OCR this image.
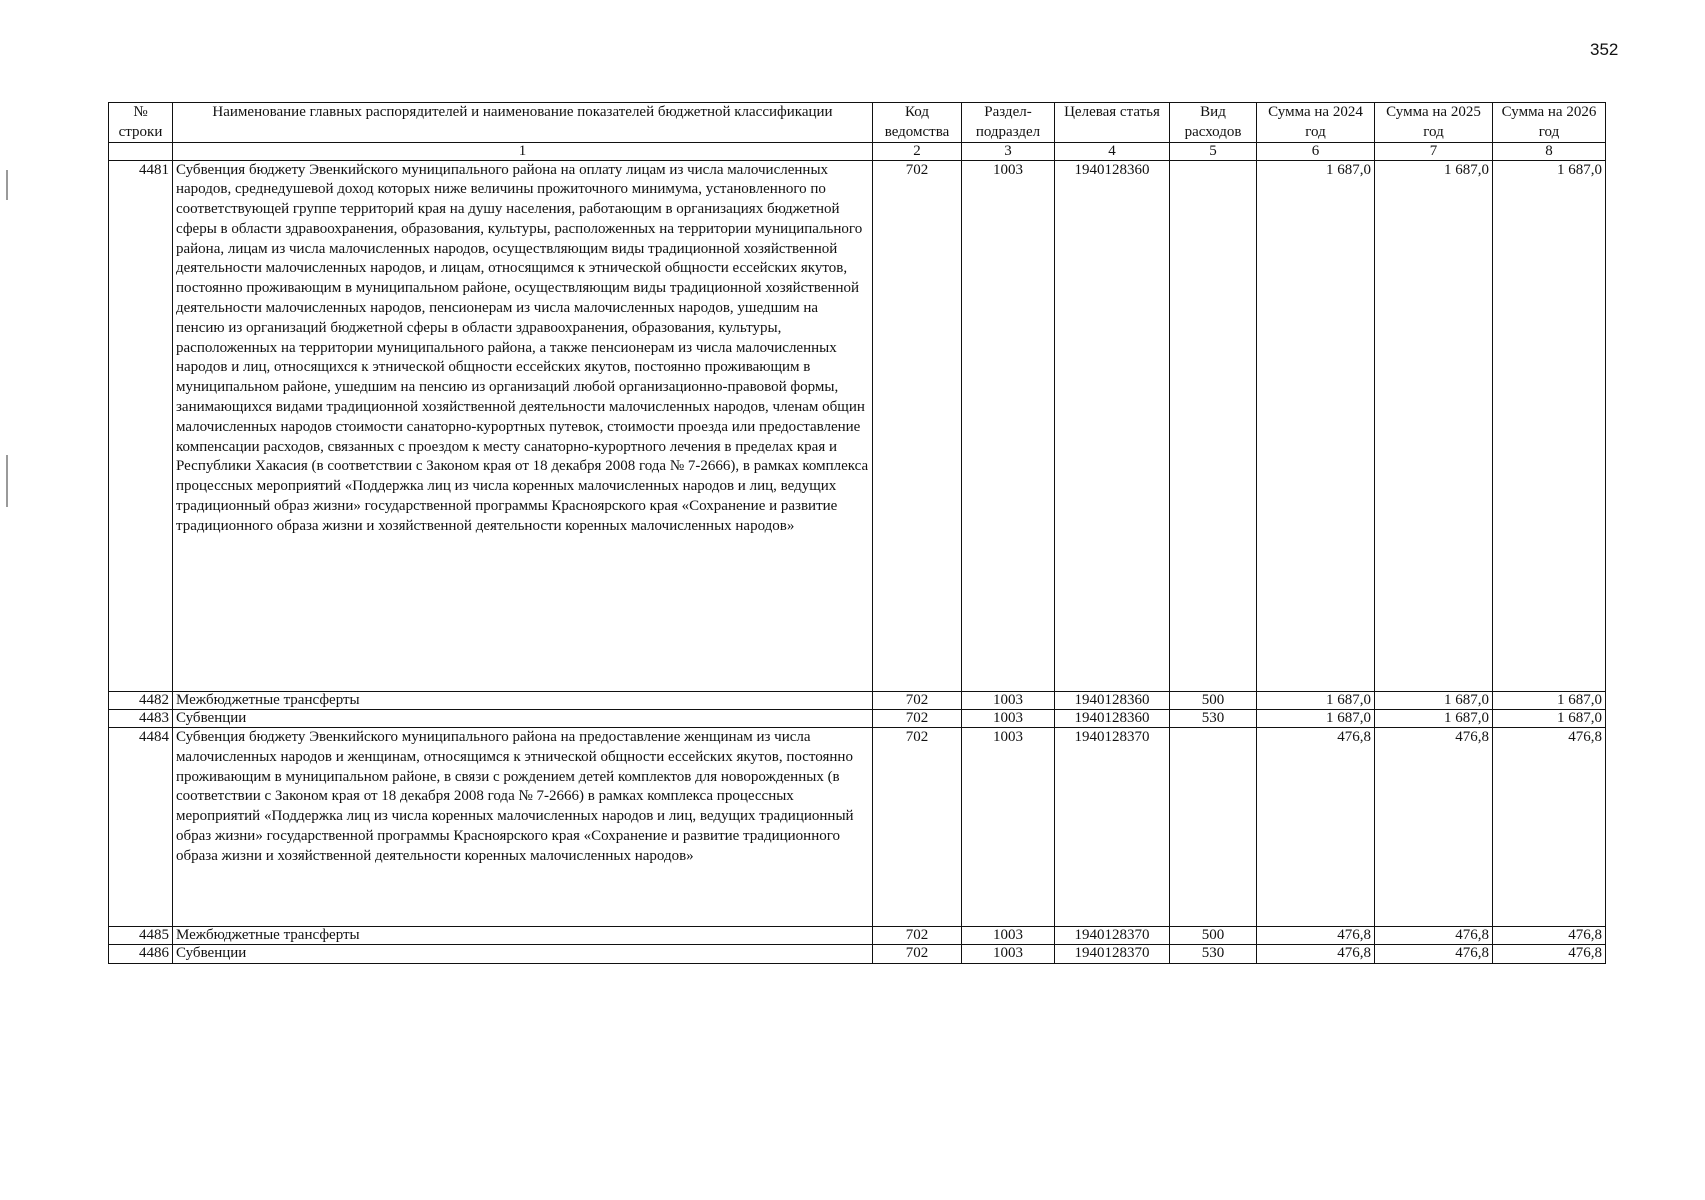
352
№ строки	Наименование главных распорядителей и наименование показателей бюджетной классификации	Код ведомства	Раздел-подраздел	Целевая статья	Вид расходов	Сумма на 2024 год	Сумма на 2025 год	Сумма на 2026 год
	1	2	3	4	5	6	7	8
4481	Субвенция бюджету Эвенкийского муниципального района на оплату лицам из числа малочисленных народов, среднедушевой доход которых ниже величины прожиточного минимума, установленного по соответствующей группе территорий края на душу населения, работающим в организациях бюджетной сферы в области здравоохранения, образования, культуры, расположенных на территории муниципального района, лицам из числа малочисленных народов, осуществляющим виды традиционной хозяйственной деятельности малочисленных народов, и лицам, относящимся к этнической общности ессейских якутов, постоянно проживающим в муниципальном районе, осуществляющим виды традиционной хозяйственной деятельности малочисленных народов, пенсионерам из числа малочисленных народов, ушедшим на пенсию из организаций бюджетной сферы в области здравоохранения, образования, культуры, расположенных на территории муниципального района, а также пенсионерам из числа малочисленных народов и лиц, относящихся к этнической общности ессейских якутов, постоянно проживающим в муниципальном районе, ушедшим на пенсию из организаций любой организационно-правовой формы, занимающихся видами традиционной хозяйственной деятельности малочисленных народов, членам общин малочисленных народов стоимости санаторно-курортных путевок, стоимости проезда или предоставление компенсации расходов, связанных с проездом к месту санаторно-курортного лечения в пределах края и Республики Хакасия (в соответствии с Законом края от 18 декабря 2008 года № 7-2666), в рамках комплекса процессных мероприятий «Поддержка лиц из числа коренных малочисленных народов и лиц, ведущих традиционный образ жизни» государственной программы Красноярского края «Сохранение и развитие традиционного образа жизни и хозяйственной деятельности коренных малочисленных народов»	702	1003	1940128360		1 687,0	1 687,0	1 687,0
4482	Межбюджетные трансферты	702	1003	1940128360	500	1 687,0	1 687,0	1 687,0
4483	Субвенции	702	1003	1940128360	530	1 687,0	1 687,0	1 687,0
4484	Субвенция бюджету Эвенкийского муниципального района на предоставление женщинам из числа малочисленных народов и женщинам, относящимся к этнической общности ессейских якутов, постоянно проживающим в муниципальном районе, в связи с рождением детей комплектов для новорожденных (в соответствии с Законом края от 18 декабря 2008 года № 7-2666) в рамках комплекса процессных мероприятий «Поддержка лиц из числа коренных малочисленных народов и лиц, ведущих традиционный образ жизни» государственной программы Красноярского края «Сохранение и развитие традиционного образа жизни и хозяйственной деятельности коренных малочисленных народов»	702	1003	1940128370		476,8	476,8	476,8
4485	Межбюджетные трансферты	702	1003	1940128370	500	476,8	476,8	476,8
4486	Субвенции	702	1003	1940128370	530	476,8	476,8	476,8
